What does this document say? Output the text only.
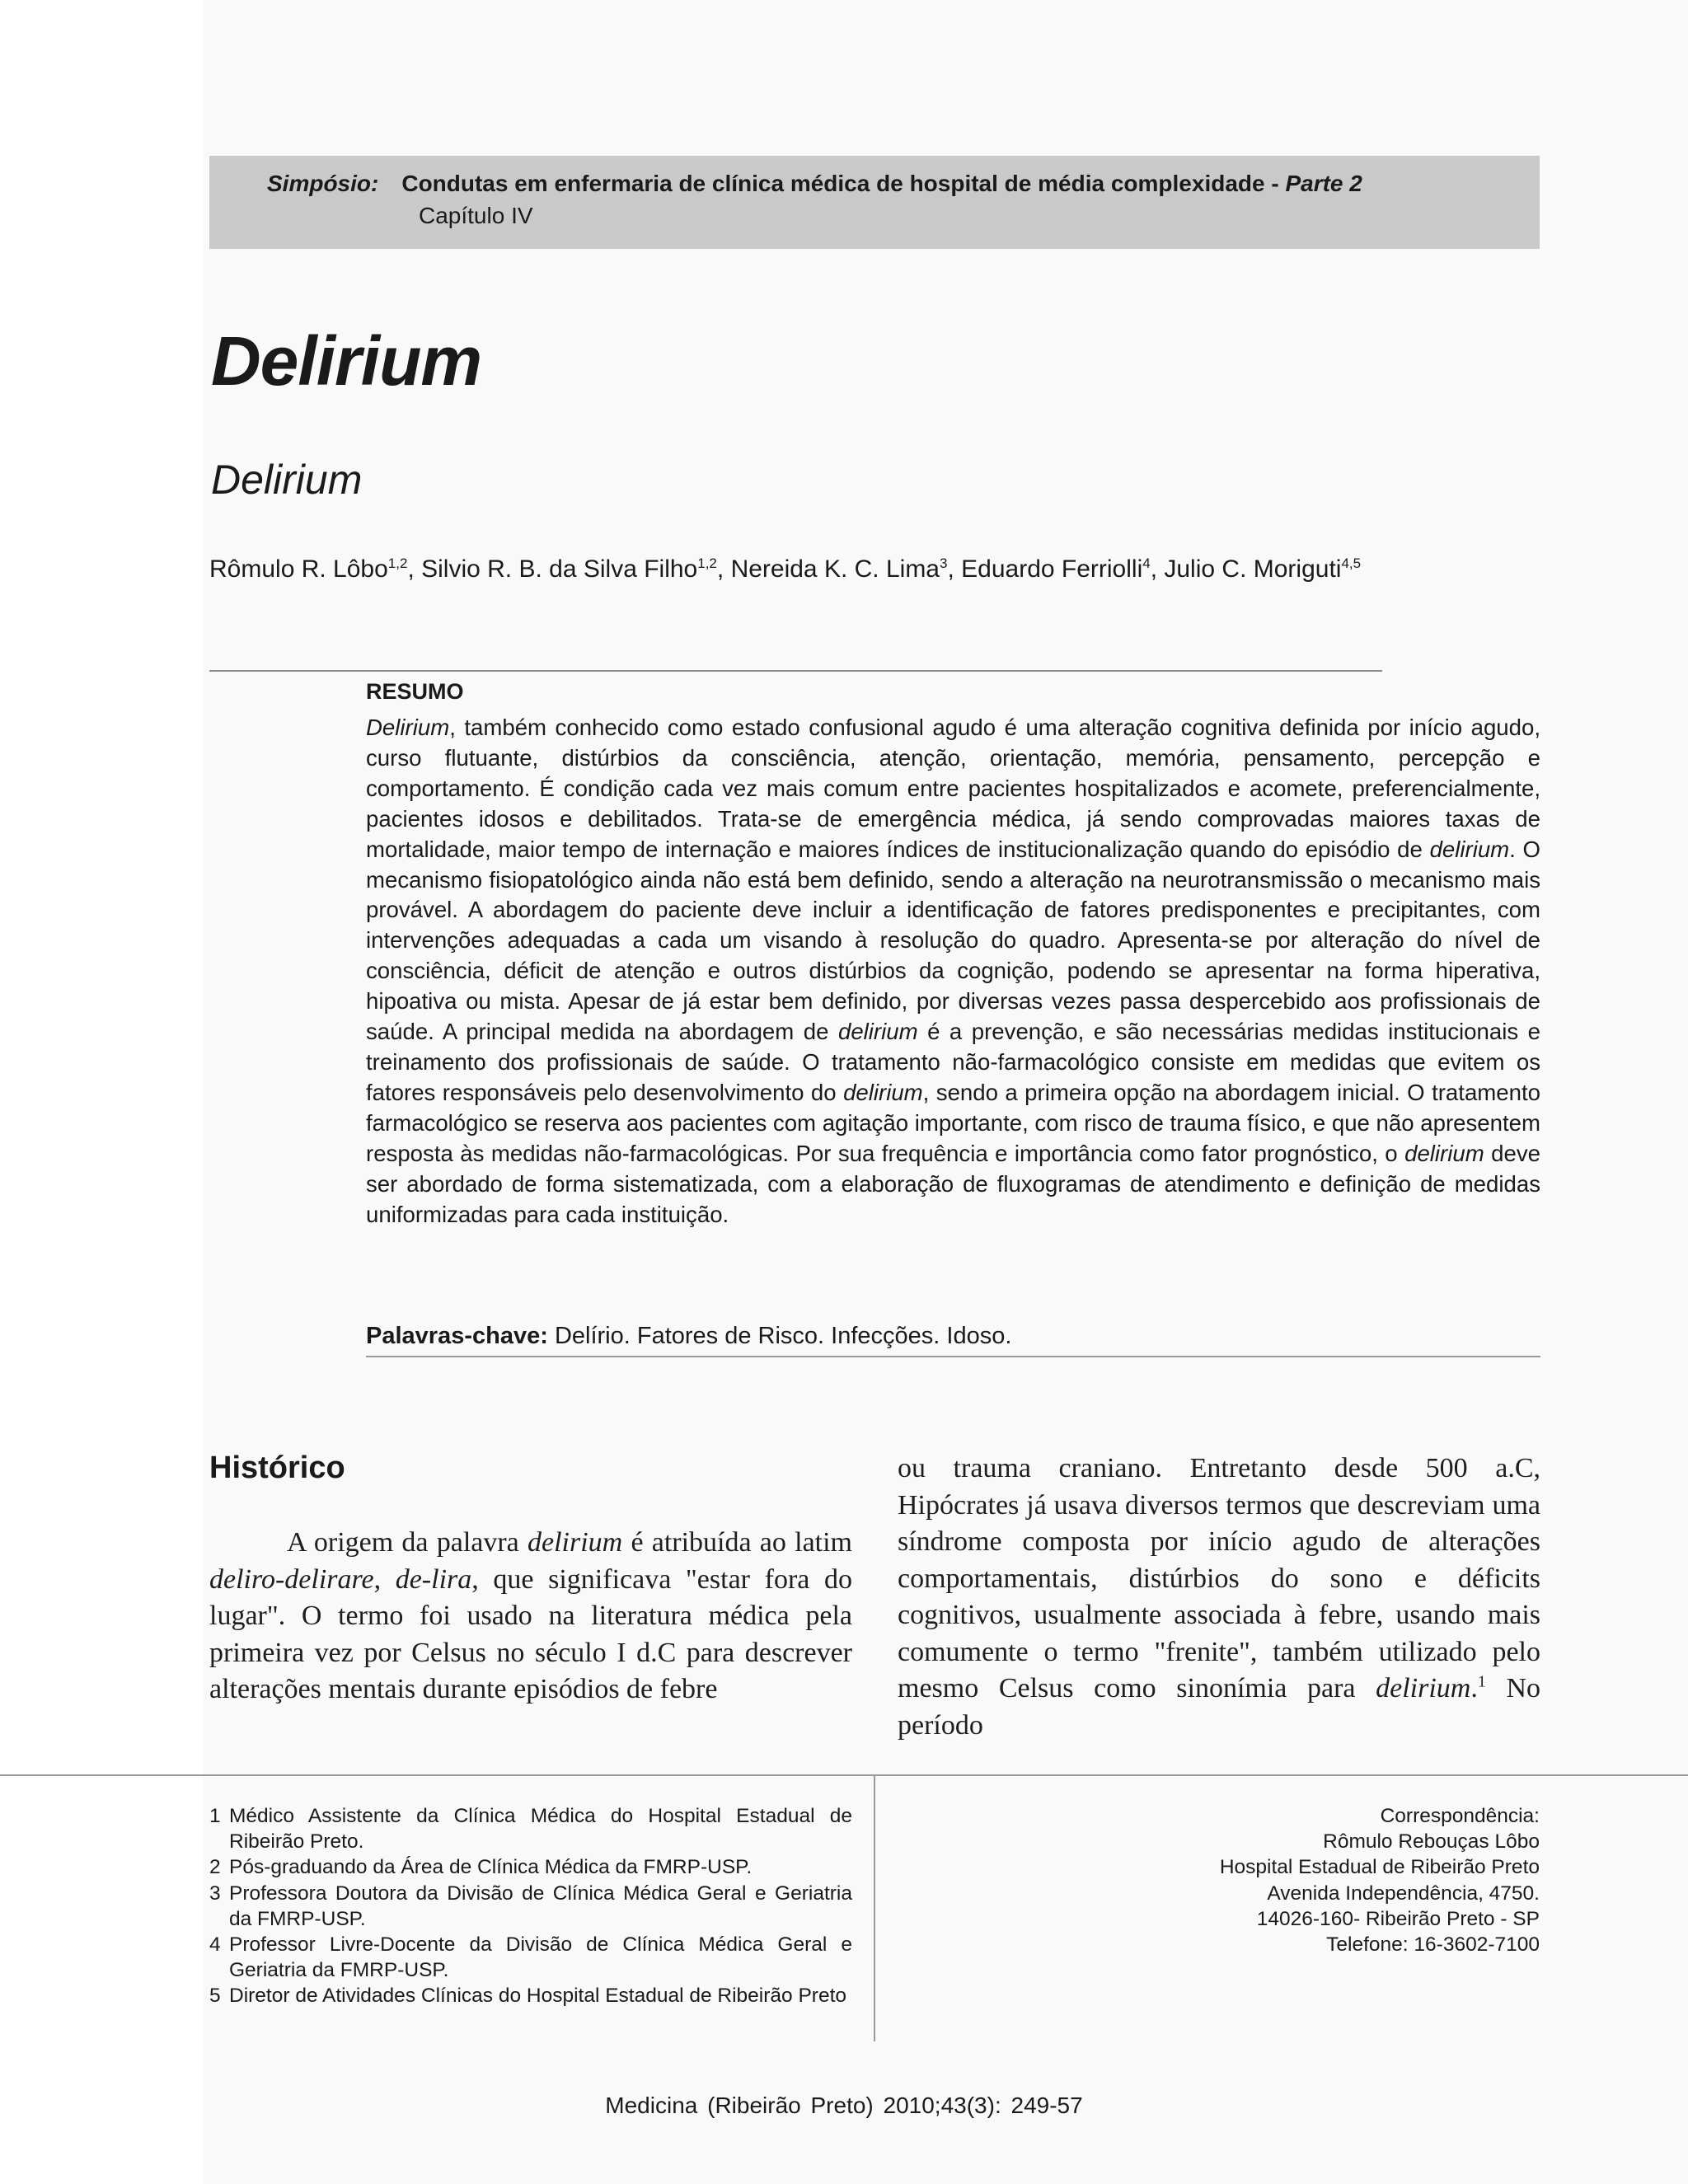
Simpósio: Condutas em enfermaria de clínica médica de hospital de média complexidade - Parte 2
Capítulo IV
Delirium
Delirium
Rômulo R. Lôbo$^{1,2}$, Silvio R. B. da Silva Filho$^{1,2}$, Nereida K. C. Lima$^3$, Eduardo Ferriolli$^4$, Julio C. Moriguti$^{4,5}$
RESUMO

Delirium, também conhecido como estado confusional agudo é uma alteração cognitiva definida por início agudo, curso flutuante, distúrbios da consciência, atenção, orientação, memória, pensamento, percepção e comportamento. É condição cada vez mais comum entre pacientes hospitalizados e acomete, preferencialmente, pacientes idosos e debilitados. Trata-se de emergência médica, já sendo comprovadas maiores taxas de mortalidade, maior tempo de internação e maiores índices de institucionalização quando do episódio de delirium. O mecanismo fisiopatológico ainda não está bem definido, sendo a alteração na neurotransmissão o mecanismo mais provável. A abordagem do paciente deve incluir a identificação de fatores predisponentes e precipitantes, com intervenções adequadas a cada um visando à resolução do quadro. Apresenta-se por alteração do nível de consciência, déficit de atenção e outros distúrbios da cognição, podendo se apresentar na forma hiperativa, hipoativa ou mista. Apesar de já estar bem definido, por diversas vezes passa despercebido aos profissionais de saúde. A principal medida na abordagem de delirium é a prevenção, e são necessárias medidas institucionais e treinamento dos profissionais de saúde. O tratamento não-farmacológico consiste em medidas que evitem os fatores responsáveis pelo desenvolvimento do delirium, sendo a primeira opção na abordagem inicial. O tratamento farmacológico se reserva aos pacientes com agitação importante, com risco de trauma físico, e que não apresentem resposta às medidas não-farmacológicas. Por sua frequência e importância como fator prognóstico, o delirium deve ser abordado de forma sistematizada, com a elaboração de fluxogramas de atendimento e definição de medidas uniformizadas para cada instituição.

Palavras-chave: Delírio. Fatores de Risco. Infecções. Idoso.
Histórico

A origem da palavra delirium é atribuída ao latim deliro-delirare, de-lira, que significava "estar fora do lugar". O termo foi usado na literatura médica pela primeira vez por Celsus no século I d.C para descrever alterações mentais durante episódios de febre

ou trauma craniano. Entretanto desde 500 a.C, Hipócrates já usava diversos termos que descreviam uma síndrome composta por início agudo de alterações comportamentais, distúrbios do sono e déficits cognitivos, usualmente associada à febre, usando mais comumente o termo "frenite", também utilizado pelo mesmo Celsus como sinonímia para delirium.$^1$ No período

1 Médico Assistente da Clínica Médica do Hospital Estadual de Ribeirão Preto.
2 Pós-graduando da Área de Clínica Médica da FMRP-USP.
3 Professora Doutora da Divisão de Clínica Médica Geral e Geriatria da FMRP-USP.
4 Professor Livre-Docente da Divisão de Clínica Médica Geral e Geriatria da FMRP-USP.
5 Diretor de Atividades Clínicas do Hospital Estadual de Ribeirão Preto
Correspondência:
Rômulo Rebouças Lôbo
Hospital Estadual de Ribeirão Preto
Avenida Independência, 4750.
14026-160- Ribeirão Preto - SP
Telefone: 16-3602-7100
Medicina (Ribeirão Preto) 2010;43(3): 249-57
